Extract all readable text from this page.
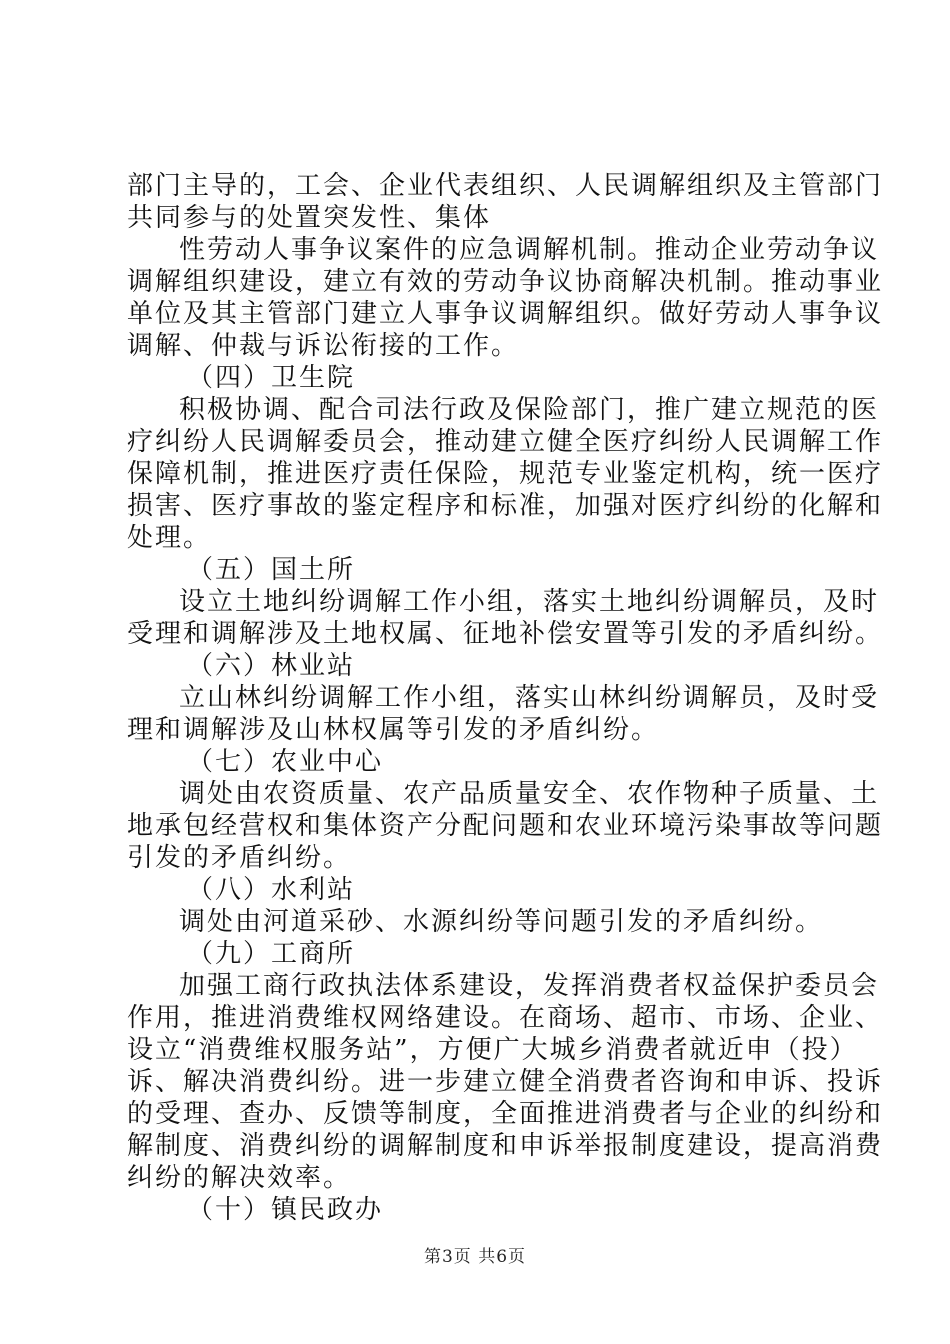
部门主导的，工会、企业代表组织、人民调解组织及主管部门
共同参与的处置突发性、集体
性劳动人事争议案件的应急调解机制。推动企业劳动争议
调解组织建设，建立有效的劳动争议协商解决机制。推动事业
单位及其主管部门建立人事争议调解组织。做好劳动人事争议
调解、仲裁与诉讼衔接的工作。
（四）卫生院
积极协调、配合司法行政及保险部门，推广建立规范的医
疗纠纷人民调解委员会，推动建立健全医疗纠纷人民调解工作
保障机制，推进医疗责任保险，规范专业鉴定机构，统一医疗
损害、医疗事故的鉴定程序和标准，加强对医疗纠纷的化解和
处理。
（五）国土所
设立土地纠纷调解工作小组，落实土地纠纷调解员，及时
受理和调解涉及土地权属、征地补偿安置等引发的矛盾纠纷。
（六）林业站
立山林纠纷调解工作小组，落实山林纠纷调解员，及时受
理和调解涉及山林权属等引发的矛盾纠纷。
（七）农业中心
调处由农资质量、农产品质量安全、农作物种子质量、土
地承包经营权和集体资产分配问题和农业环境污染事故等问题
引发的矛盾纠纷。
（八）水利站
调处由河道采砂、水源纠纷等问题引发的矛盾纠纷。
（九）工商所
加强工商行政执法体系建设，发挥消费者权益保护委员会
作用，推进消费维权网络建设。在商场、超市、市场、企业、
设立“消费维权服务站”，方便广大城乡消费者就近申（投）
诉、解决消费纠纷。进一步建立健全消费者咨询和申诉、投诉
的受理、查办、反馈等制度，全面推进消费者与企业的纠纷和
解制度、消费纠纷的调解制度和申诉举报制度建设，提高消费
纠纷的解决效率。
（十）镇民政办
第3页 共6页
